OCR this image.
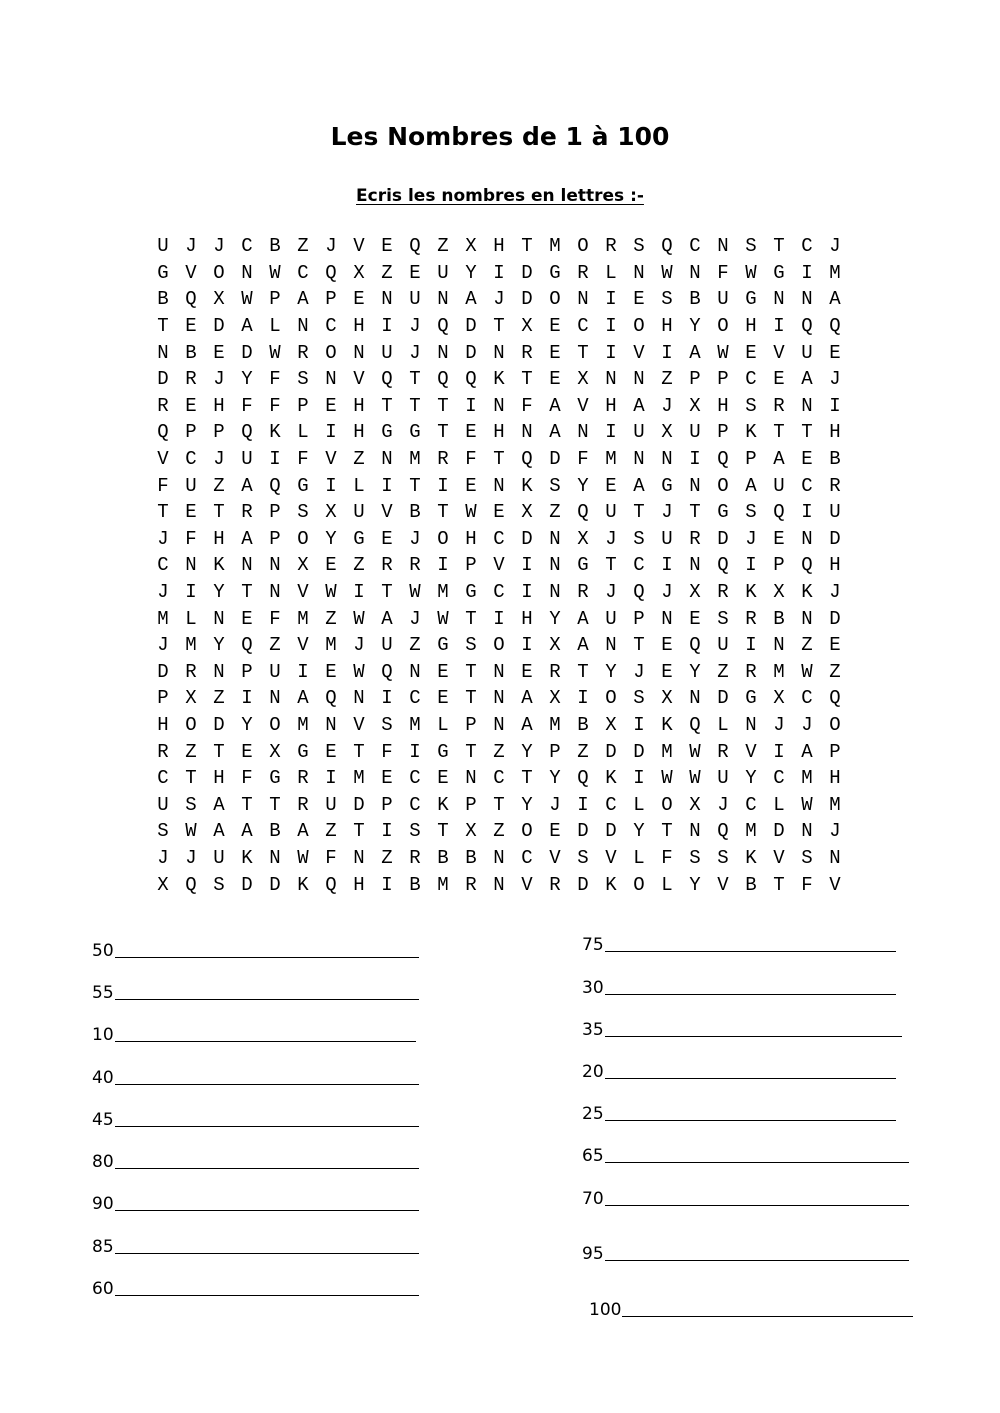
Les Nombres de 1 à 100
Ecris les nombres en lettres :-
U J J C B Z J V E Q Z X H T M O R S Q C N S T C J
G V O N W C Q X Z E U Y I D G R L N W N F W G I M
B Q X W P A P E N U N A J D O N I E S B U G N N A
T E D A L N C H I J Q D T X E C I O H Y O H I Q Q
N B E D W R O N U J N D N R E T I V I A W E V U E
D R J Y F S N V Q T Q Q K T E X N N Z P P C E A J
R E H F F P E H T T T I N F A V H A J X H S R N I
Q P P Q K L I H G G T E H N A N I U X U P K T T H
V C J U I F V Z N M R F T Q D F M N N I Q P A E B
F U Z A Q G I L I T I E N K S Y E A G N O A U C R
T E T R P S X U V B T W E X Z Q U T J T G S Q I U
J F H A P O Y G E J O H C D N X J S U R D J E N D
C N K N N X E Z R R I P V I N G T C I N Q I P Q H
J I Y T N V W I T W M G C I N R J Q J X R K X K J
M L N E F M Z W A J W T I H Y A U P N E S R B N D
J M Y Q Z V M J U Z G S O I X A N T E Q U I N Z E
D R N P U I E W Q N E T N E R T Y J E Y Z R M W Z
P X Z I N A Q N I C E T N A X I O S X N D G X C Q
H O D Y O M N V S M L P N A M B X I K Q L N J J O
R Z T E X G E T F I G T Z Y P Z D D M W R V I A P
C T H F G R I M E C E N C T Y Q K I W W U Y C M H
U S A T T R U D P C K P T Y J I C L O X J C L W M
S W A A B A Z T I S T X Z O E D D Y T N Q M D N J
J J U K N W F N Z R B B N C V S V L F S S K V S N
X Q S D D K Q H I B M R N V R D K O L Y V B T F V
50
55
10
40
45
80
90
85
60
75
30
35
20
25
65
70
95
100
